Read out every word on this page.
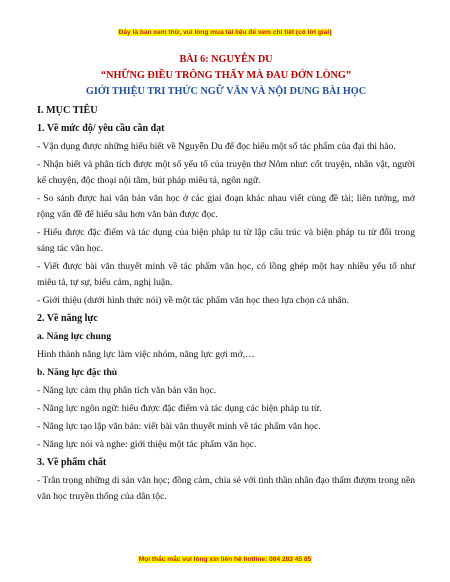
Đây là bản xem thử, vui lòng mua tài liệu để xem chi tiết (có lời giải)
BÀI 6: NGUYỄN DU
“NHỮNG ĐIỀU TRÔNG THẤY MÀ ĐAU ĐỚN LÒNG”
GIỚI THIỆU TRI THỨC NGỮ VĂN VÀ NỘI DUNG BÀI HỌC
I. MỤC TIÊU
1. Về mức độ/ yêu cầu cần đạt
- Vận dụng được những hiểu biết về Nguyễn Du để đọc hiểu một số tác phẩm của đại thi hào.
- Nhận biết và phân tích được một số yếu tố của truyện thơ Nôm như: cốt truyện, nhân vật, người kể chuyện, độc thoại nội tâm, bút pháp miêu tả, ngôn ngữ.
- So sánh được hai văn bản văn học ở các giai đoạn khác nhau viết cùng đề tài; liên tưởng, mở rộng vấn đề để hiểu sâu hơn văn bản được đọc.
- Hiểu được đặc điểm và tác dụng của biện pháp tu từ lập cấu trúc và biện pháp tu từ đối trong sáng tác văn học.
- Viết được bài văn thuyết minh về tác phẩm văn học, có lồng ghép một hay nhiều yếu tố như miêu tả, tự sự, biểu cảm, nghị luận.
- Giới thiệu (dưới hình thức nói) về một tác phẩm văn học theo lựa chọn cá nhân.
2. Về năng lực
a. Năng lực chung
Hình thành năng lực làm việc nhóm, năng lực gợi mở,…
b. Năng lực đặc thù
- Năng lực cảm thụ phân tích văn bản văn học.
- Năng lực ngôn ngữ: hiểu được đặc điểm và tác dụng các biện pháp tu từ.
- Năng lực tạo lập văn bản: viết bài văn thuyết minh về tác phẩm văn học.
- Năng lực nói và nghe: giới thiệu một tác phẩm văn học.
3. Về phẩm chất
- Trân trọng những di sản văn học; đồng cảm, chia sẻ với tình thần nhân đạo thấm đượm trong nền văn học truyền thống của dân tộc.
Mọi thắc mắc vui lòng xin liên hệ hotline: 084 283 45 85
